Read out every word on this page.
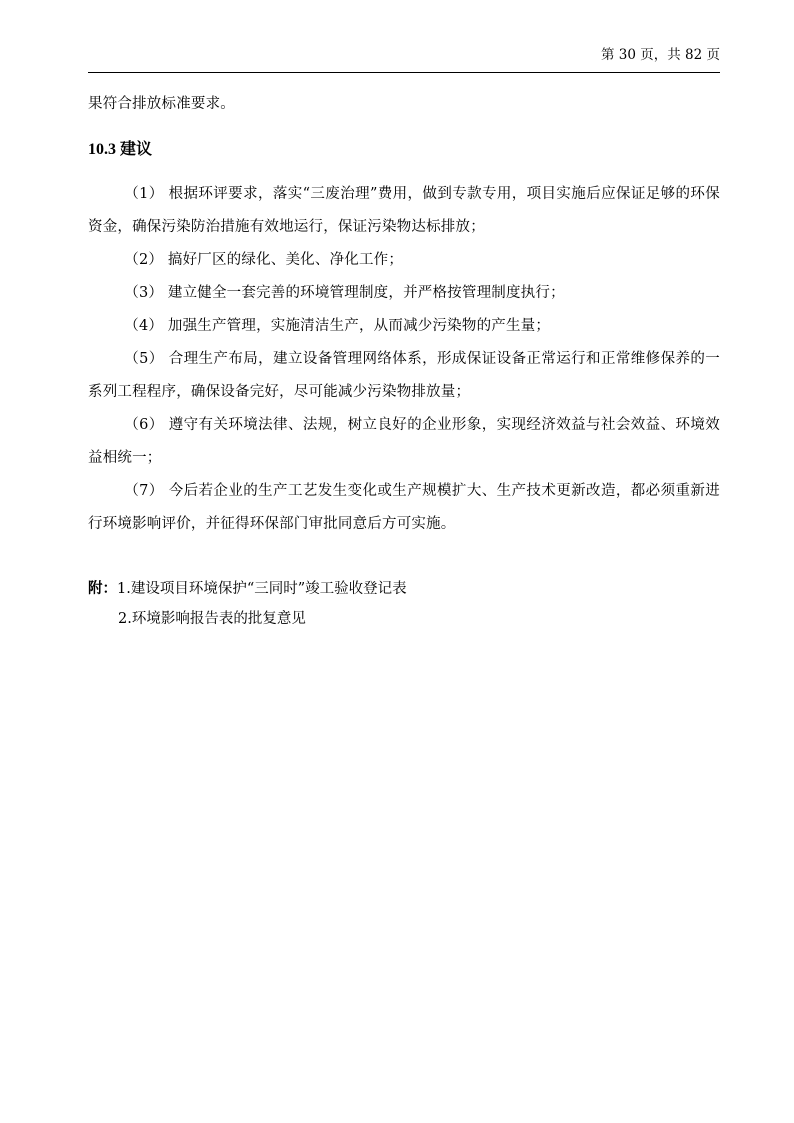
第 30 页，共 82 页
果符合排放标准要求。
10.3 建议

（1） 根据环评要求，落实“三废治理”费用，做到专款专用，项目实施后应保证足够的环保资金，确保污染防治措施有效地运行，保证污染物达标排放；

（2） 搞好厂区的绿化、美化、净化工作；

（3） 建立健全一套完善的环境管理制度，并严格按管理制度执行；

（4） 加强生产管理，实施清洁生产，从而减少污染物的产生量；

（5） 合理生产布局，建立设备管理网络体系，形成保证设备正常运行和正常维修保养的一系列工程程序，确保设备完好，尽可能减少污染物排放量；

（6） 遵守有关环境法律、法规，树立良好的企业形象，实现经济效益与社会效益、环境效益相统一；

（7） 今后若企业的生产工艺发生变化或生产规模扩大、生产技术更新改造，都必须重新进行环境影响评价，并征得环保部门审批同意后方可实施。

附：1.建设项目环境保护“三同时”竣工验收登记表
2.环境影响报告表的批复意见
